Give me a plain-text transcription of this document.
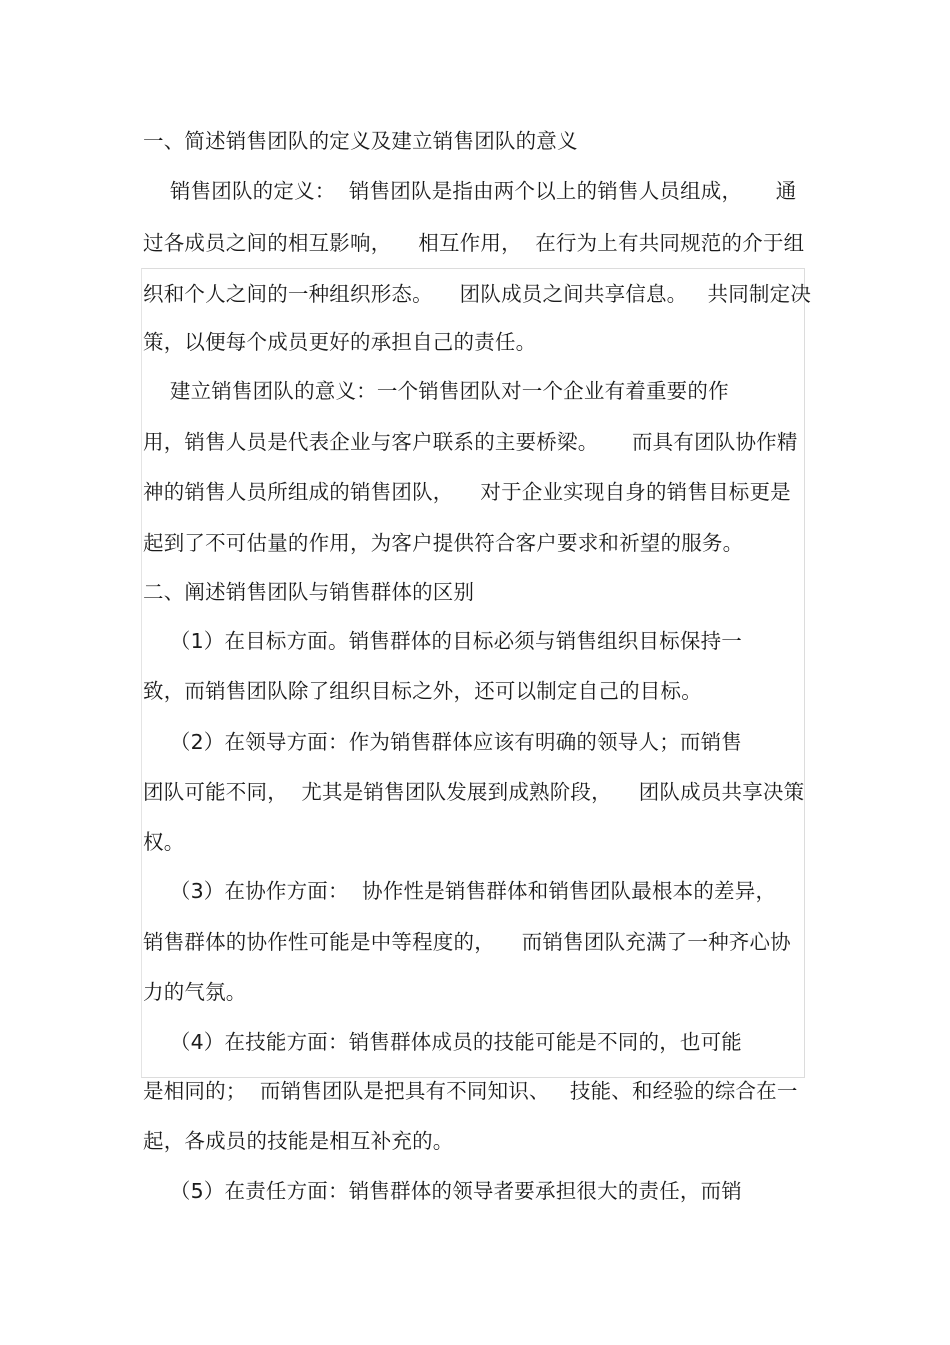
一、简述销售团队的定义及建立销售团队的意义
销售团队的定义：  销售团队是指由两个以上的销售人员组成，     通
过各成员之间的相互影响，    相互作用，  在行为上有共同规范的介于组
织和个人之间的一种组织形态。    团队成员之间共享信息。   共同制定决
策，以便每个成员更好的承担自己的责任。
建立销售团队的意义：一个销售团队对一个企业有着重要的作
用，销售人员是代表企业与客户联系的主要桥梁。     而具有团队协作精
神的销售人员所组成的销售团队，    对于企业实现自身的销售目标更是
起到了不可估量的作用，为客户提供符合客户要求和祈望的服务。
二、阐述销售团队与销售群体的区别
（1）在目标方面。销售群体的目标必须与销售组织目标保持一
致，而销售团队除了组织目标之外，还可以制定自己的目标。
（2）在领导方面：作为销售群体应该有明确的领导人；而销售
团队可能不同，  尤其是销售团队发展到成熟阶段，    团队成员共享决策
权。
（3）在协作方面：  协作性是销售群体和销售团队最根本的差异，
销售群体的协作性可能是中等程度的，    而销售团队充满了一种齐心协
力的气氛。
（4）在技能方面：销售群体成员的技能可能是不同的，也可能
是相同的；  而销售团队是把具有不同知识、   技能、和经验的综合在一
起，各成员的技能是相互补充的。
（5）在责任方面：销售群体的领导者要承担很大的责任，而销
